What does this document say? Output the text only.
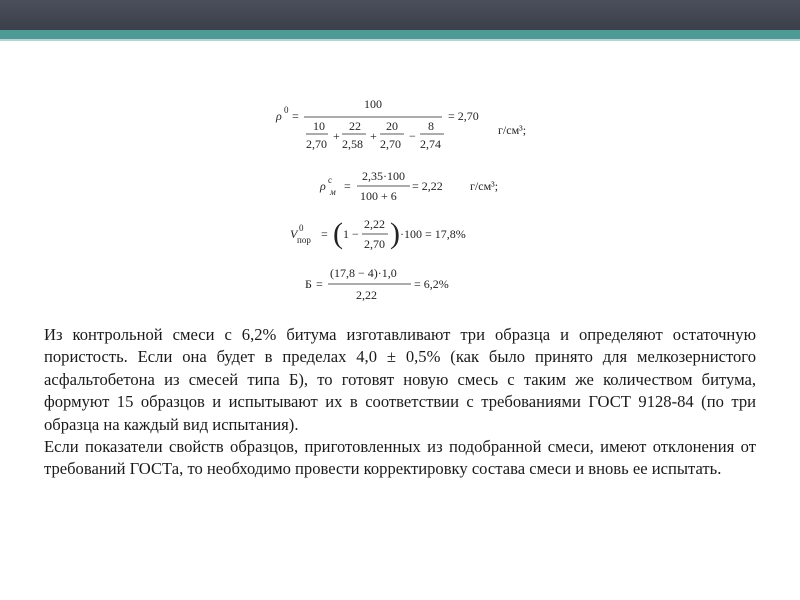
ρ 0 =
100
10
2,70
+
22
2,58
+
20
2,70
−
8
2,74
= 2,70
г/см³;
ρ c
м =
2,35·100
100 + 6
= 2,22 г/см³;
V 0
пор = ( 1 −
2,22
2,70 ) ·100 = 17,8%
Б =
(17,8 − 4)·1,0
2,22
= 6,2%

Из контрольной смеси с 6,2% битума изготавливают три образца и определяют остаточную пористость. Если она будет в пределах 4,0 ± 0,5% (как было принято для мелкозернистого асфальтобетона из смесей типа Б), то готовят новую смесь с таким же количеством битума, формуют 15 образцов и испытывают их в соответствии с требованиями ГОСТ 9128-84 (по три образца на каждый вид испытания).

Если показатели свойств образцов, приготовленных из подобранной смеси, имеют отклонения от требований ГОСТа, то необходимо провести корректировку состава смеси и вновь ее испытать.
